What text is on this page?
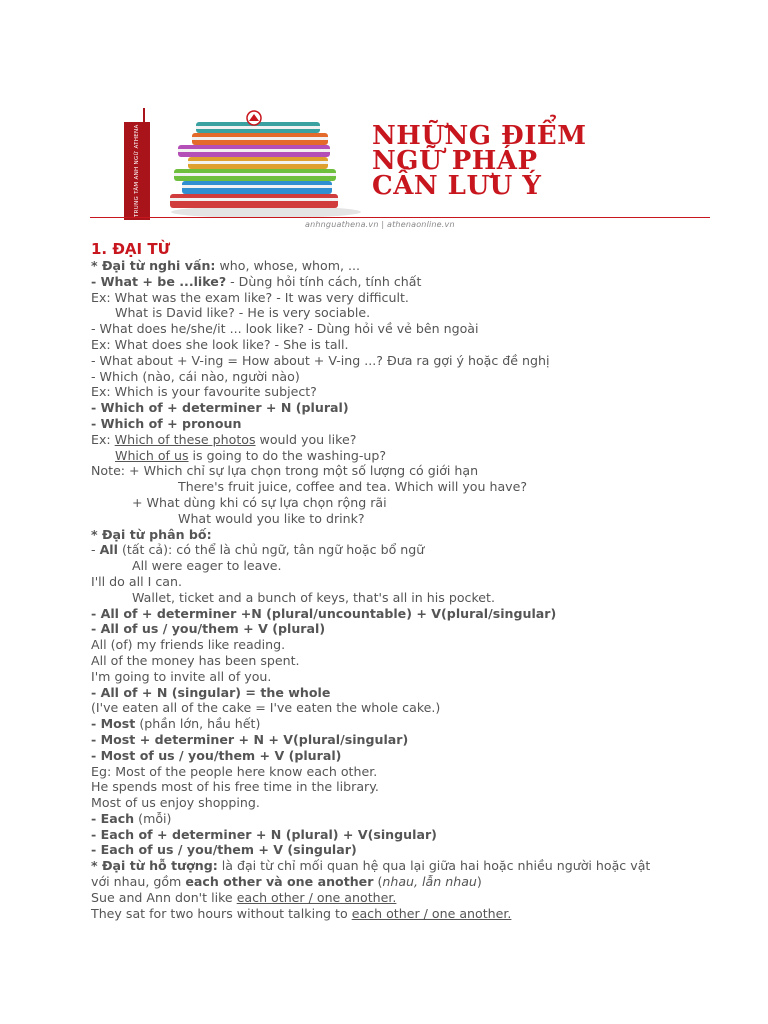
TRUNG TÂM ANH NGỮ ATHENA	NHỮNG ĐIỂM
NGỮ PHÁP
CẦN LƯU Ý
anhnguathena.vn | athenaonline.vn
1. ĐẠI TỪ
* Đại từ nghi vấn: who, whose, whom, ...
- What + be ...like? - Dùng hỏi tính cách, tính chất
Ex: What was the exam like? - It was very difficult.
What is David like? - He is very sociable.
- What does he/she/it ... look like? - Dùng hỏi về vẻ bên ngoài
Ex: What does she look like? - She is tall.
- What about + V-ing = How about + V-ing ...? Đưa ra gợi ý hoặc đề nghị
- Which (nào, cái nào, người nào)
Ex: Which is your favourite subject?
- Which of + determiner + N (plural)
- Which of + pronoun
Ex: Which of these photos would you like?
Which of us is going to do the washing-up?
Note: + Which chỉ sự lựa chọn trong một số lượng có giới hạn
There's fruit juice, coffee and tea. Which will you have?
+ What dùng khi có sự lựa chọn rộng rãi
What would you like to drink?
* Đại từ phân bố:
- All (tất cả): có thể là chủ ngữ, tân ngữ hoặc bổ ngữ
All were eager to leave.
I'll do all I can.
Wallet, ticket and a bunch of keys, that's all in his pocket.
- All of + determiner +N (plural/uncountable) + V(plural/singular)
- All of us / you/them + V (plural)
All (of) my friends like reading.
All of the money has been spent.
I'm going to invite all of you.
- All of + N (singular) = the whole
(I've eaten all of the cake = I've eaten the whole cake.)
- Most (phần lớn, hầu hết)
- Most + determiner + N + V(plural/singular)
- Most of us / you/them + V (plural)
Eg: Most of the people here know each other.
He spends most of his free time in the library.
Most of us enjoy shopping.
- Each (mỗi)
- Each of + determiner + N (plural) + V(singular)
- Each of us / you/them + V (singular)
* Đại từ hỗ tượng: là đại từ chỉ mối quan hệ qua lại giữa hai hoặc nhiều người hoặc vật
với nhau, gồm each other và one another (nhau, lẫn nhau)
Sue and Ann don't like each other / one another.
They sat for two hours without talking to each other / one another.
